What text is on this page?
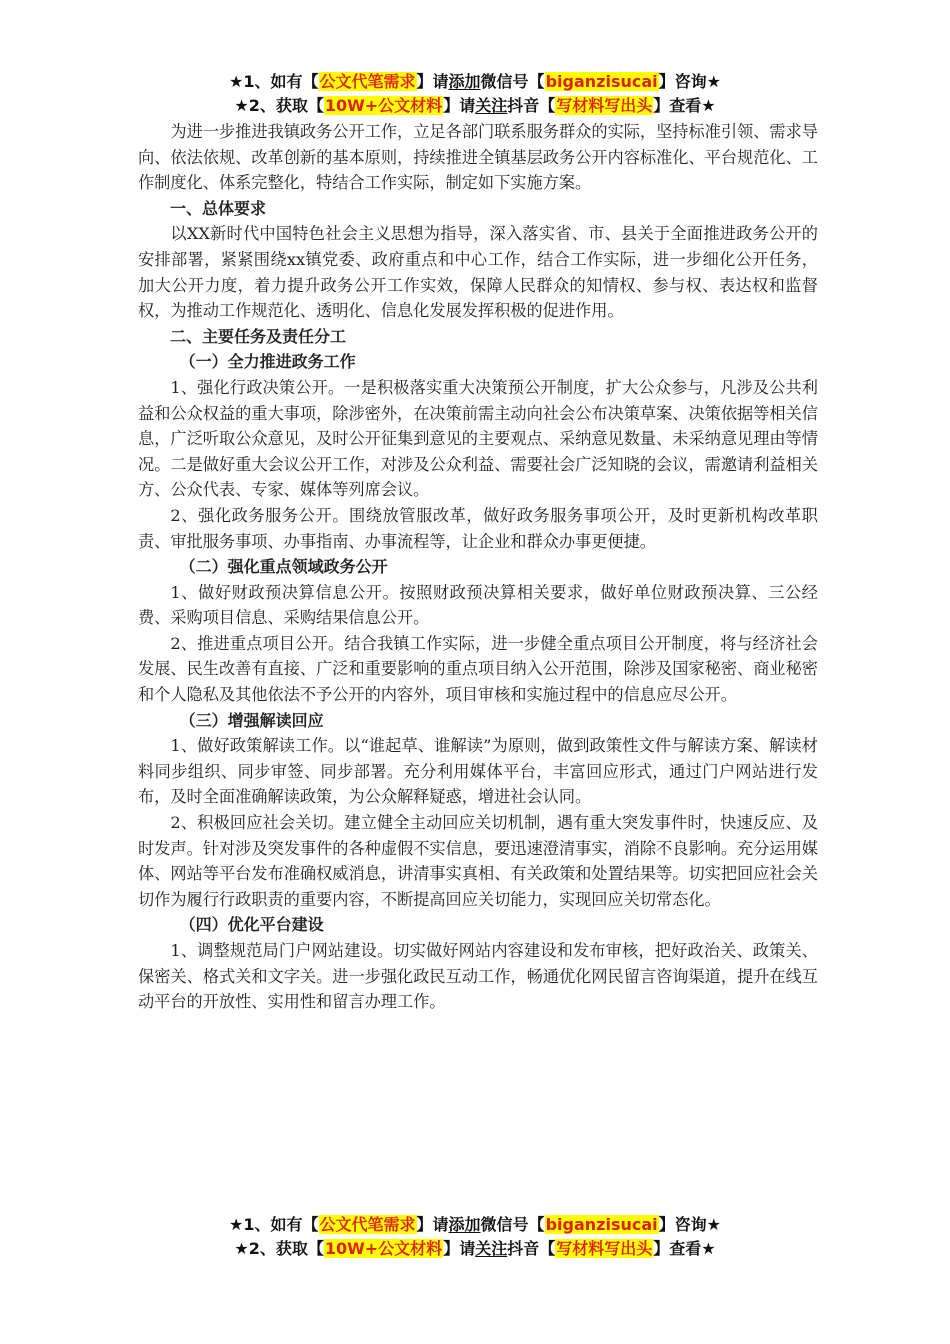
★1、如有【公文代笔需求】请添加微信号【biganzisucai】咨询★
★2、获取【10W+公文材料】请关注抖音【写材料写出头】查看★

为进一步推进我镇政务公开工作，立足各部门联系服务群众的实际，坚持标准引领、需求导向、依法依规、改革创新的基本原则，持续推进全镇基层政务公开内容标准化、平台规范化、工作制度化、体系完整化，特结合工作实际，制定如下实施方案。

一、总体要求

以XX新时代中国特色社会主义思想为指导，深入落实省、市、县关于全面推进政务公开的安排部署，紧紧围绕xx镇党委、政府重点和中心工作，结合工作实际，进一步细化公开任务，加大公开力度，着力提升政务公开工作实效，保障人民群众的知情权、参与权、表达权和监督权，为推动工作规范化、透明化、信息化发展发挥积极的促进作用。

二、主要任务及责任分工

（一）全力推进政务工作

1、强化行政决策公开。一是积极落实重大决策预公开制度，扩大公众参与，凡涉及公共利益和公众权益的重大事项，除涉密外，在决策前需主动向社会公布决策草案、决策依据等相关信息，广泛听取公众意见，及时公开征集到意见的主要观点、采纳意见数量、未采纳意见理由等情况。二是做好重大会议公开工作，对涉及公众利益、需要社会广泛知晓的会议，需邀请利益相关方、公众代表、专家、媒体等列席会议。

2、强化政务服务公开。围绕放管服改革，做好政务服务事项公开，及时更新机构改革职责、审批服务事项、办事指南、办事流程等，让企业和群众办事更便捷。

（二）强化重点领域政务公开

1、做好财政预决算信息公开。按照财政预决算相关要求，做好单位财政预决算、三公经费、采购项目信息、采购结果信息公开。

2、推进重点项目公开。结合我镇工作实际，进一步健全重点项目公开制度，将与经济社会发展、民生改善有直接、广泛和重要影响的重点项目纳入公开范围，除涉及国家秘密、商业秘密和个人隐私及其他依法不予公开的内容外，项目审核和实施过程中的信息应尽公开。

（三）增强解读回应

1、做好政策解读工作。以“谁起草、谁解读”为原则，做到政策性文件与解读方案、解读材料同步组织、同步审签、同步部署。充分利用媒体平台，丰富回应形式，通过门户网站进行发布，及时全面准确解读政策，为公众解释疑惑，增进社会认同。

2、积极回应社会关切。建立健全主动回应关切机制，遇有重大突发事件时，快速反应、及时发声。针对涉及突发事件的各种虚假不实信息，要迅速澄清事实，消除不良影响。充分运用媒体、网站等平台发布准确权威消息，讲清事实真相、有关政策和处置结果等。切实把回应社会关切作为履行行政职责的重要内容，不断提高回应关切能力，实现回应关切常态化。

（四）优化平台建设

1、调整规范局门户网站建设。切实做好网站内容建设和发布审核，把好政治关、政策关、保密关、格式关和文字关。进一步强化政民互动工作，畅通优化网民留言咨询渠道，提升在线互动平台的开放性、实用性和留言办理工作。

★1、如有【公文代笔需求】请添加微信号【biganzisucai】咨询★
★2、获取【10W+公文材料】请关注抖音【写材料写出头】查看★
